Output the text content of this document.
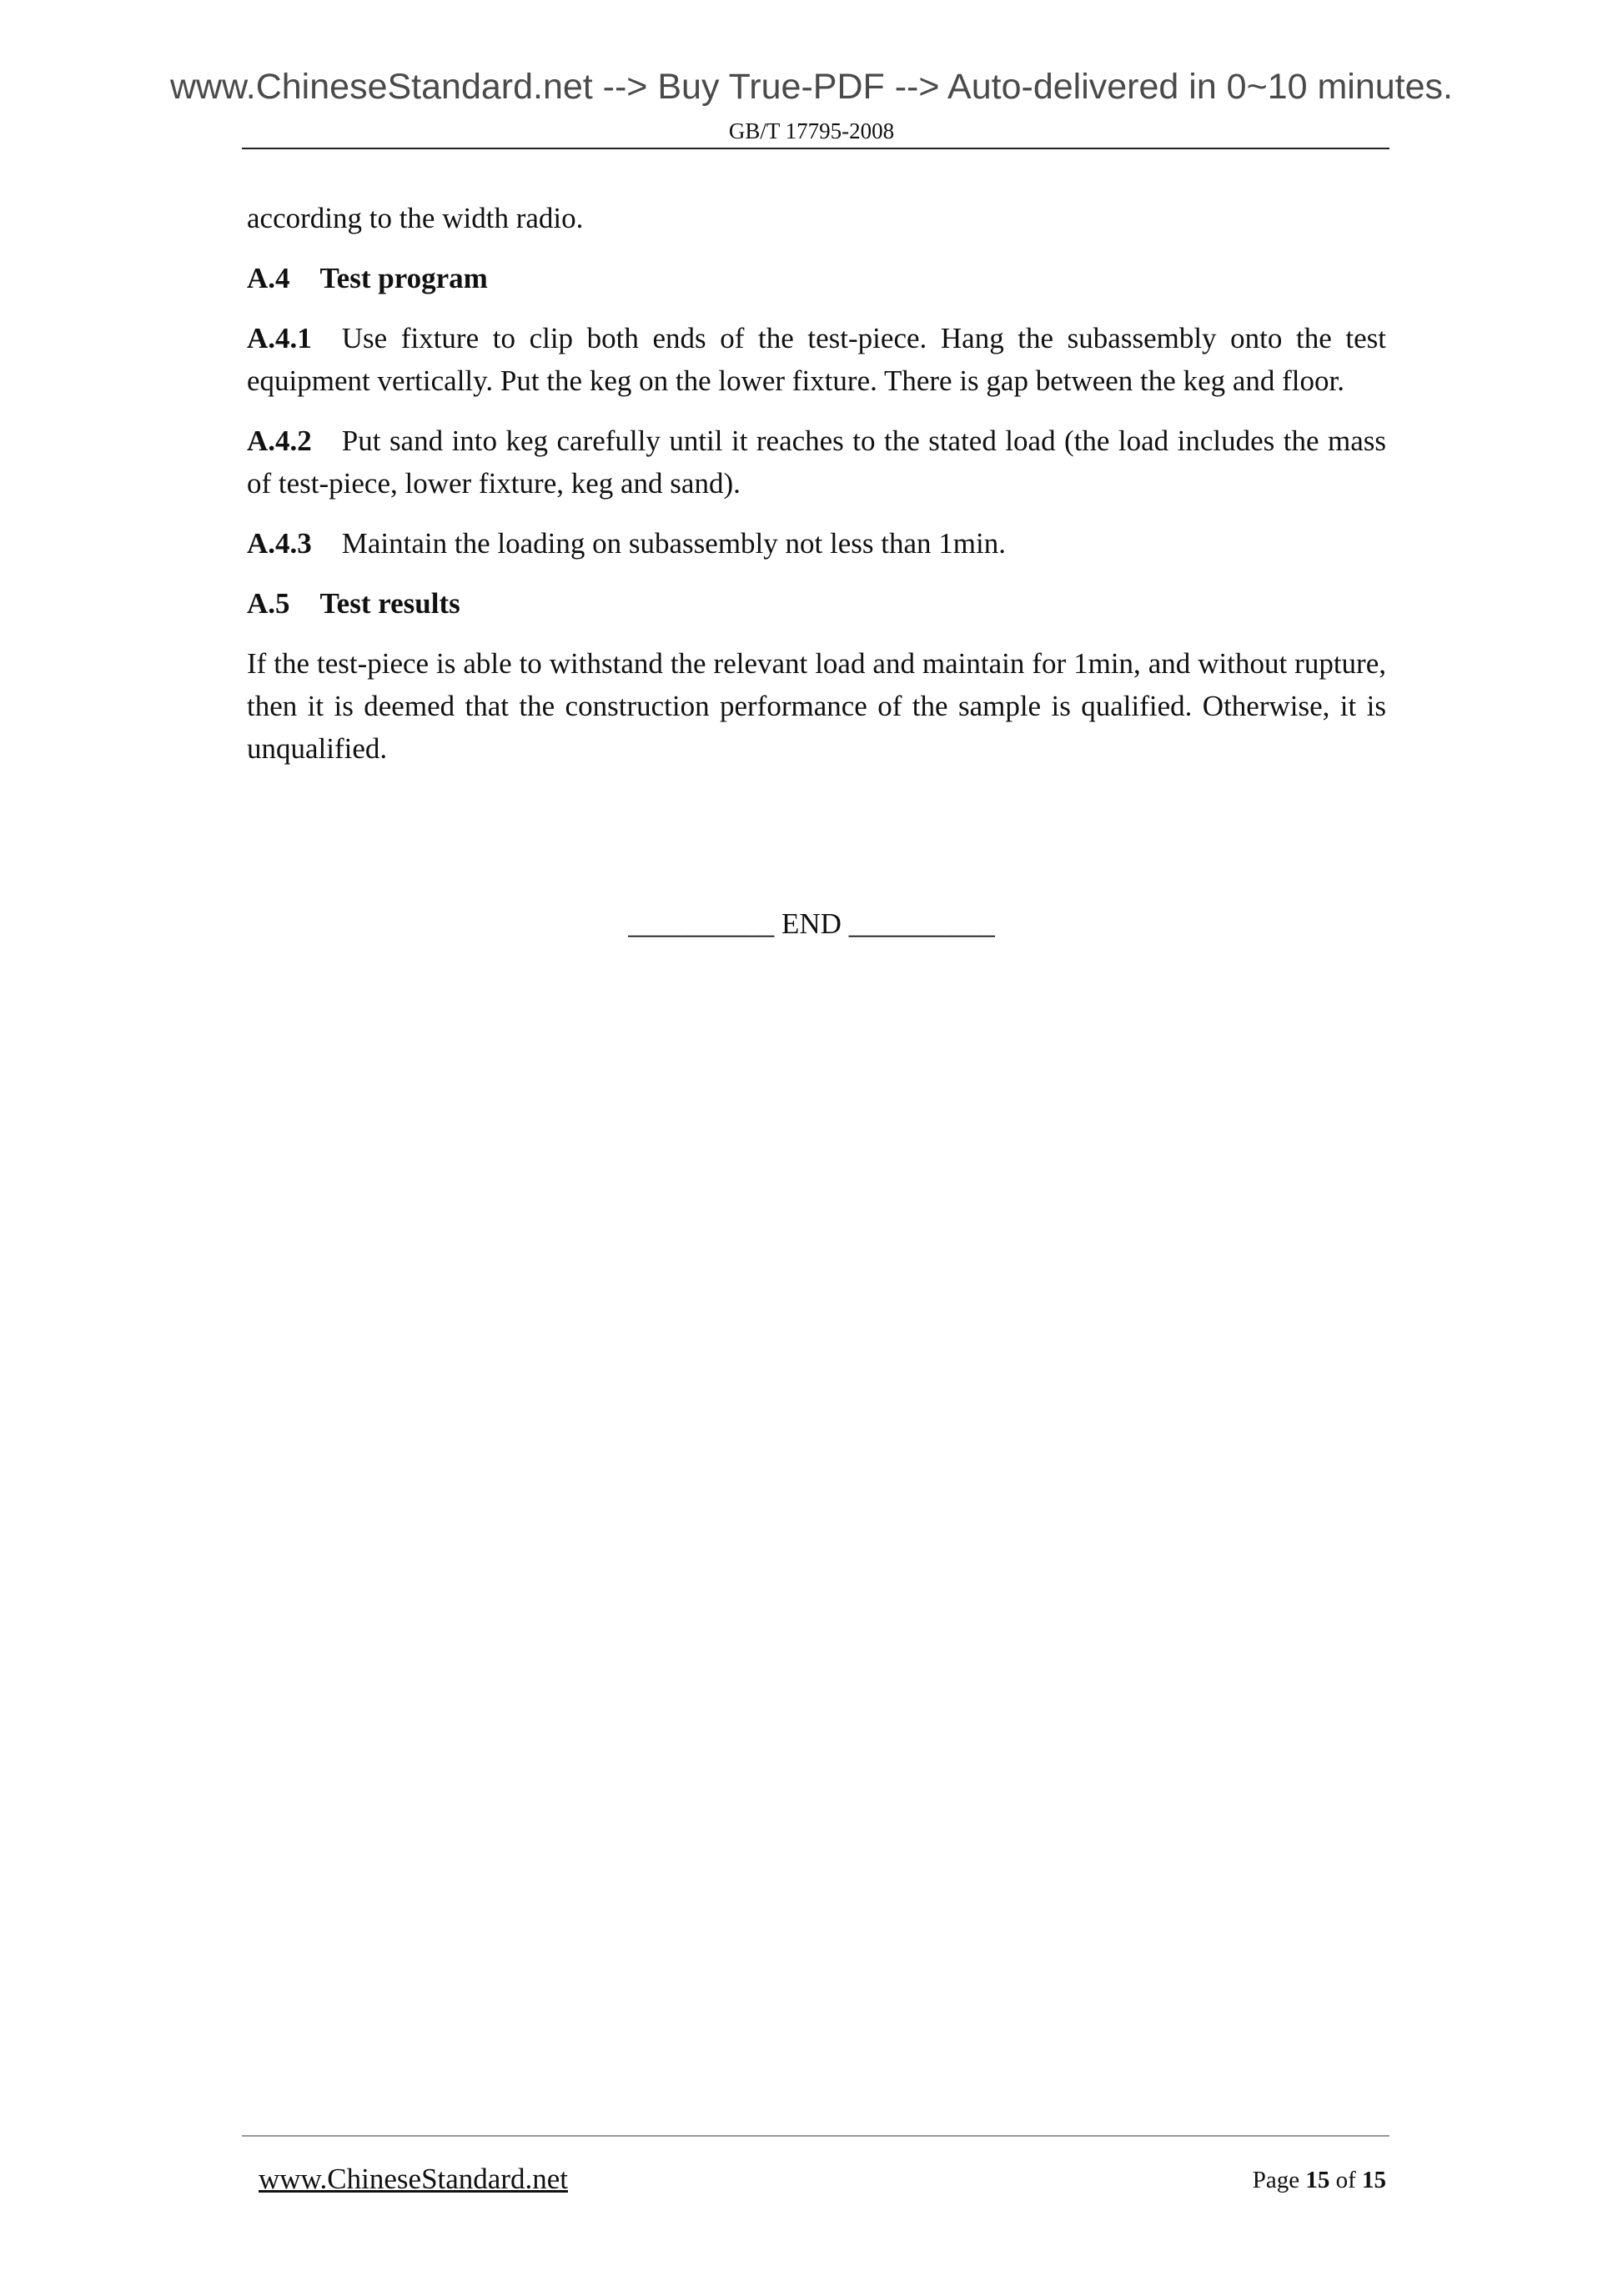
www.ChineseStandard.net --> Buy True-PDF --> Auto-delivered in 0~10 minutes.
GB/T 17795-2008

according to the width radio.

A.4 Test program

A.4.1 Use fixture to clip both ends of the test-piece. Hang the subassembly onto the test equipment vertically. Put the keg on the lower fixture. There is gap between the keg and floor.

A.4.2 Put sand into keg carefully until it reaches to the stated load (the load includes the mass of test-piece, lower fixture, keg and sand).

A.4.3 Maintain the loading on subassembly not less than 1min.

A.5 Test results

If the test-piece is able to withstand the relevant load and maintain for 1min, and without rupture, then it is deemed that the construction performance of the sample is qualified. Otherwise, it is unqualified.

__________ END __________
www.ChineseStandard.net	Page 15 of 15
